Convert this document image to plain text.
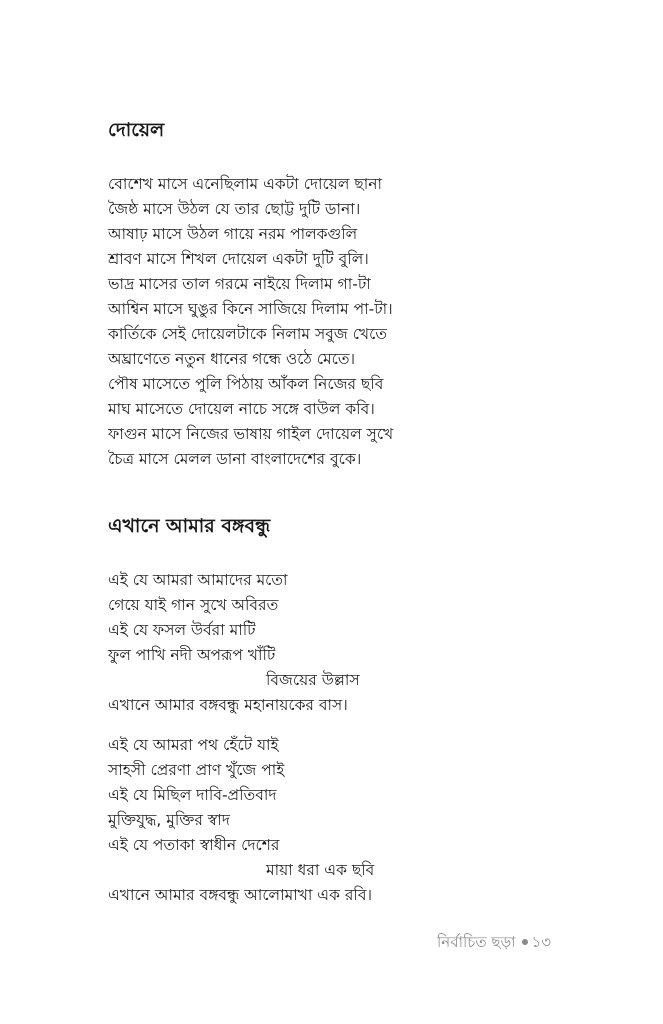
দোয়েল
বোশেখ মাসে এনেছিলাম একটা দোয়েল ছানা
জৈষ্ঠ মাসে উঠল যে তার ছোট্ট দুটি ডানা।
আষাঢ় মাসে উঠল গায়ে নরম পালকগুলি
শ্রাবণ মাসে শিখল দোয়েল একটা দুটি বুলি।
ভাদ্র মাসের তাল গরমে নাইয়ে দিলাম গা-টা
আশ্বিন মাসে ঘুঙুর কিনে সাজিয়ে দিলাম পা-টা।
কার্তিকে সেই দোয়েলটাকে নিলাম সবুজ খেতে
অঘ্রাণেতে নতুন ধানের গন্ধে ওঠে মেতে।
পৌষ মাসেতে পুলি পিঠায় আঁকল নিজের ছবি
মাঘ মাসেতে দোয়েল নাচে সঙ্গে বাউল কবি।
ফাগুন মাসে নিজের ভাষায় গাইল দোয়েল সুখে
চৈত্র মাসে মেলল ডানা বাংলাদেশের বুকে।
এখানে আমার বঙ্গবন্ধু
এই যে আমরা আমাদের মতো
গেয়ে যাই গান সুখে অবিরত
এই যে ফসল উর্বরা মাটি
ফুল পাখি নদী অপরূপ খাঁটি
বিজয়ের উল্লাস
এখানে আমার বঙ্গবন্ধু মহানায়কের বাস।
এই যে আমরা পথ হেঁটে যাই
সাহসী প্রেরণা প্রাণ খুঁজে পাই
এই যে মিছিল দাবি-প্রতিবাদ
মুক্তিযুদ্ধ, মুক্তির স্বাদ
এই যে পতাকা স্বাধীন দেশের
মায়া ধরা এক ছবি
এখানে আমার বঙ্গবন্ধু আলোমাখা এক রবি।
নির্বাচিত ছড়া ১৩
